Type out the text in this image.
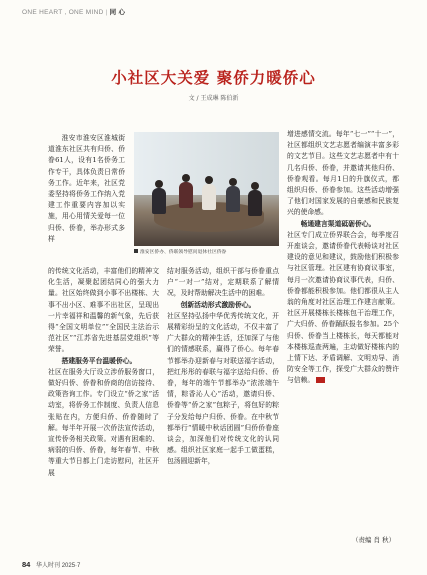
ONE HEART , ONE MIND | 同 心
小社区大关爱 聚侨力暖侨心
文 / 王成琳 陈伯新

淮安市淮安区淮城街道淮东社区共有归侨、侨眷61人，设有1名侨务工作专干，具体负责日常侨务工作。近年来，社区党委坚持将侨务工作纳入党建工作重要内容加以实施，用心用情关爱每一位归侨、侨眷，举办形式多样

淮安区侨办、侨联领导慰问退休社区侨眷

的传统文化活动，丰富他们的精神文化生活，凝聚起团结同心的强大力量。社区始终做到小事不出楼栋、大事不出小区、难事不出社区，呈现出一片幸福祥和温馨的新气象，先后获得“全国文明单位”“全国民主法治示范社区”“江苏省先进基层党组织”等荣誉。

搭建服务平台温暖侨心。

社区在服务大厅设立涉侨服务窗口，做好归侨、侨眷和侨商的信访接待、政策咨询工作。专门设立“侨之家”活动室，将侨务工作制度、负责人信息张贴在内，方便归侨、侨眷随时了解。每半年开展一次侨法宣传活动，宣传侨务相关政策。对遇有困难的、病弱的归侨、侨眷，每年春节、中秋等重大节日都上门走访慰问，社区开展

结对服务活动，组织干部与侨眷重点户“一对一”结对，定期联系了解情况，及时帮助解决生活中的困难。

创新活动形式激励侨心。

社区坚持弘扬中华优秀传统文化，开展精彩纷呈的文化活动，不仅丰富了广大群众的精神生活，还加深了与他们的情感联系，赢得了侨心。每年春节都举办迎新春与对联送福字活动，把红彤彤的春联与福字送给归侨、侨眷，每年的端午节都举办“浓浓端午情，粽香沁人心”活动，邀请归侨、侨眷等“侨之家”包粽子，将包好的粽子分发给每户归侨、侨眷。在中秋节都举行“情暖中秋话团圆”归侨侨眷座谈会，加深他们对传统文化的认同感。组织社区家庭一起手工做蛋糕，包汤圆迎新年，

增进感情交流。每年“七一”“十一”，社区都组织文艺志愿者编演丰富多彩的文艺节目。这些文艺志愿者中有十几名归侨、侨眷，并邀请其他归侨、侨眷观看。每月1日的升旗仪式，都组织归侨、侨眷参加。这些活动增强了他们对国家发展的自豪感和民族复兴的使命感。

畅通建言渠道砥砺侨心。

社区专门成立侨界联合会，每季度召开座谈会，邀请侨眷代表畅谈对社区建设的意见和建议，鼓励他们积极参与社区管理。社区建有协商议事室，每月一次邀请协商议事代表，归侨、侨眷都能积极参加。他们都很从主人翁的角度对社区治理工作建言献策。社区开展楼栋长楼栋包干治理工作，广大归侨、侨眷踊跃报名参加。25个归侨、侨眷当上楼栋长，每天都能对本楼栋巡查两遍，主动做好楼栋内的上情下达、矛盾调解、文明劝导、消防安全等工作，探受广大群众的赞许与信赖。

（责编 肖 秋）
84 华人时刊 2025·7
